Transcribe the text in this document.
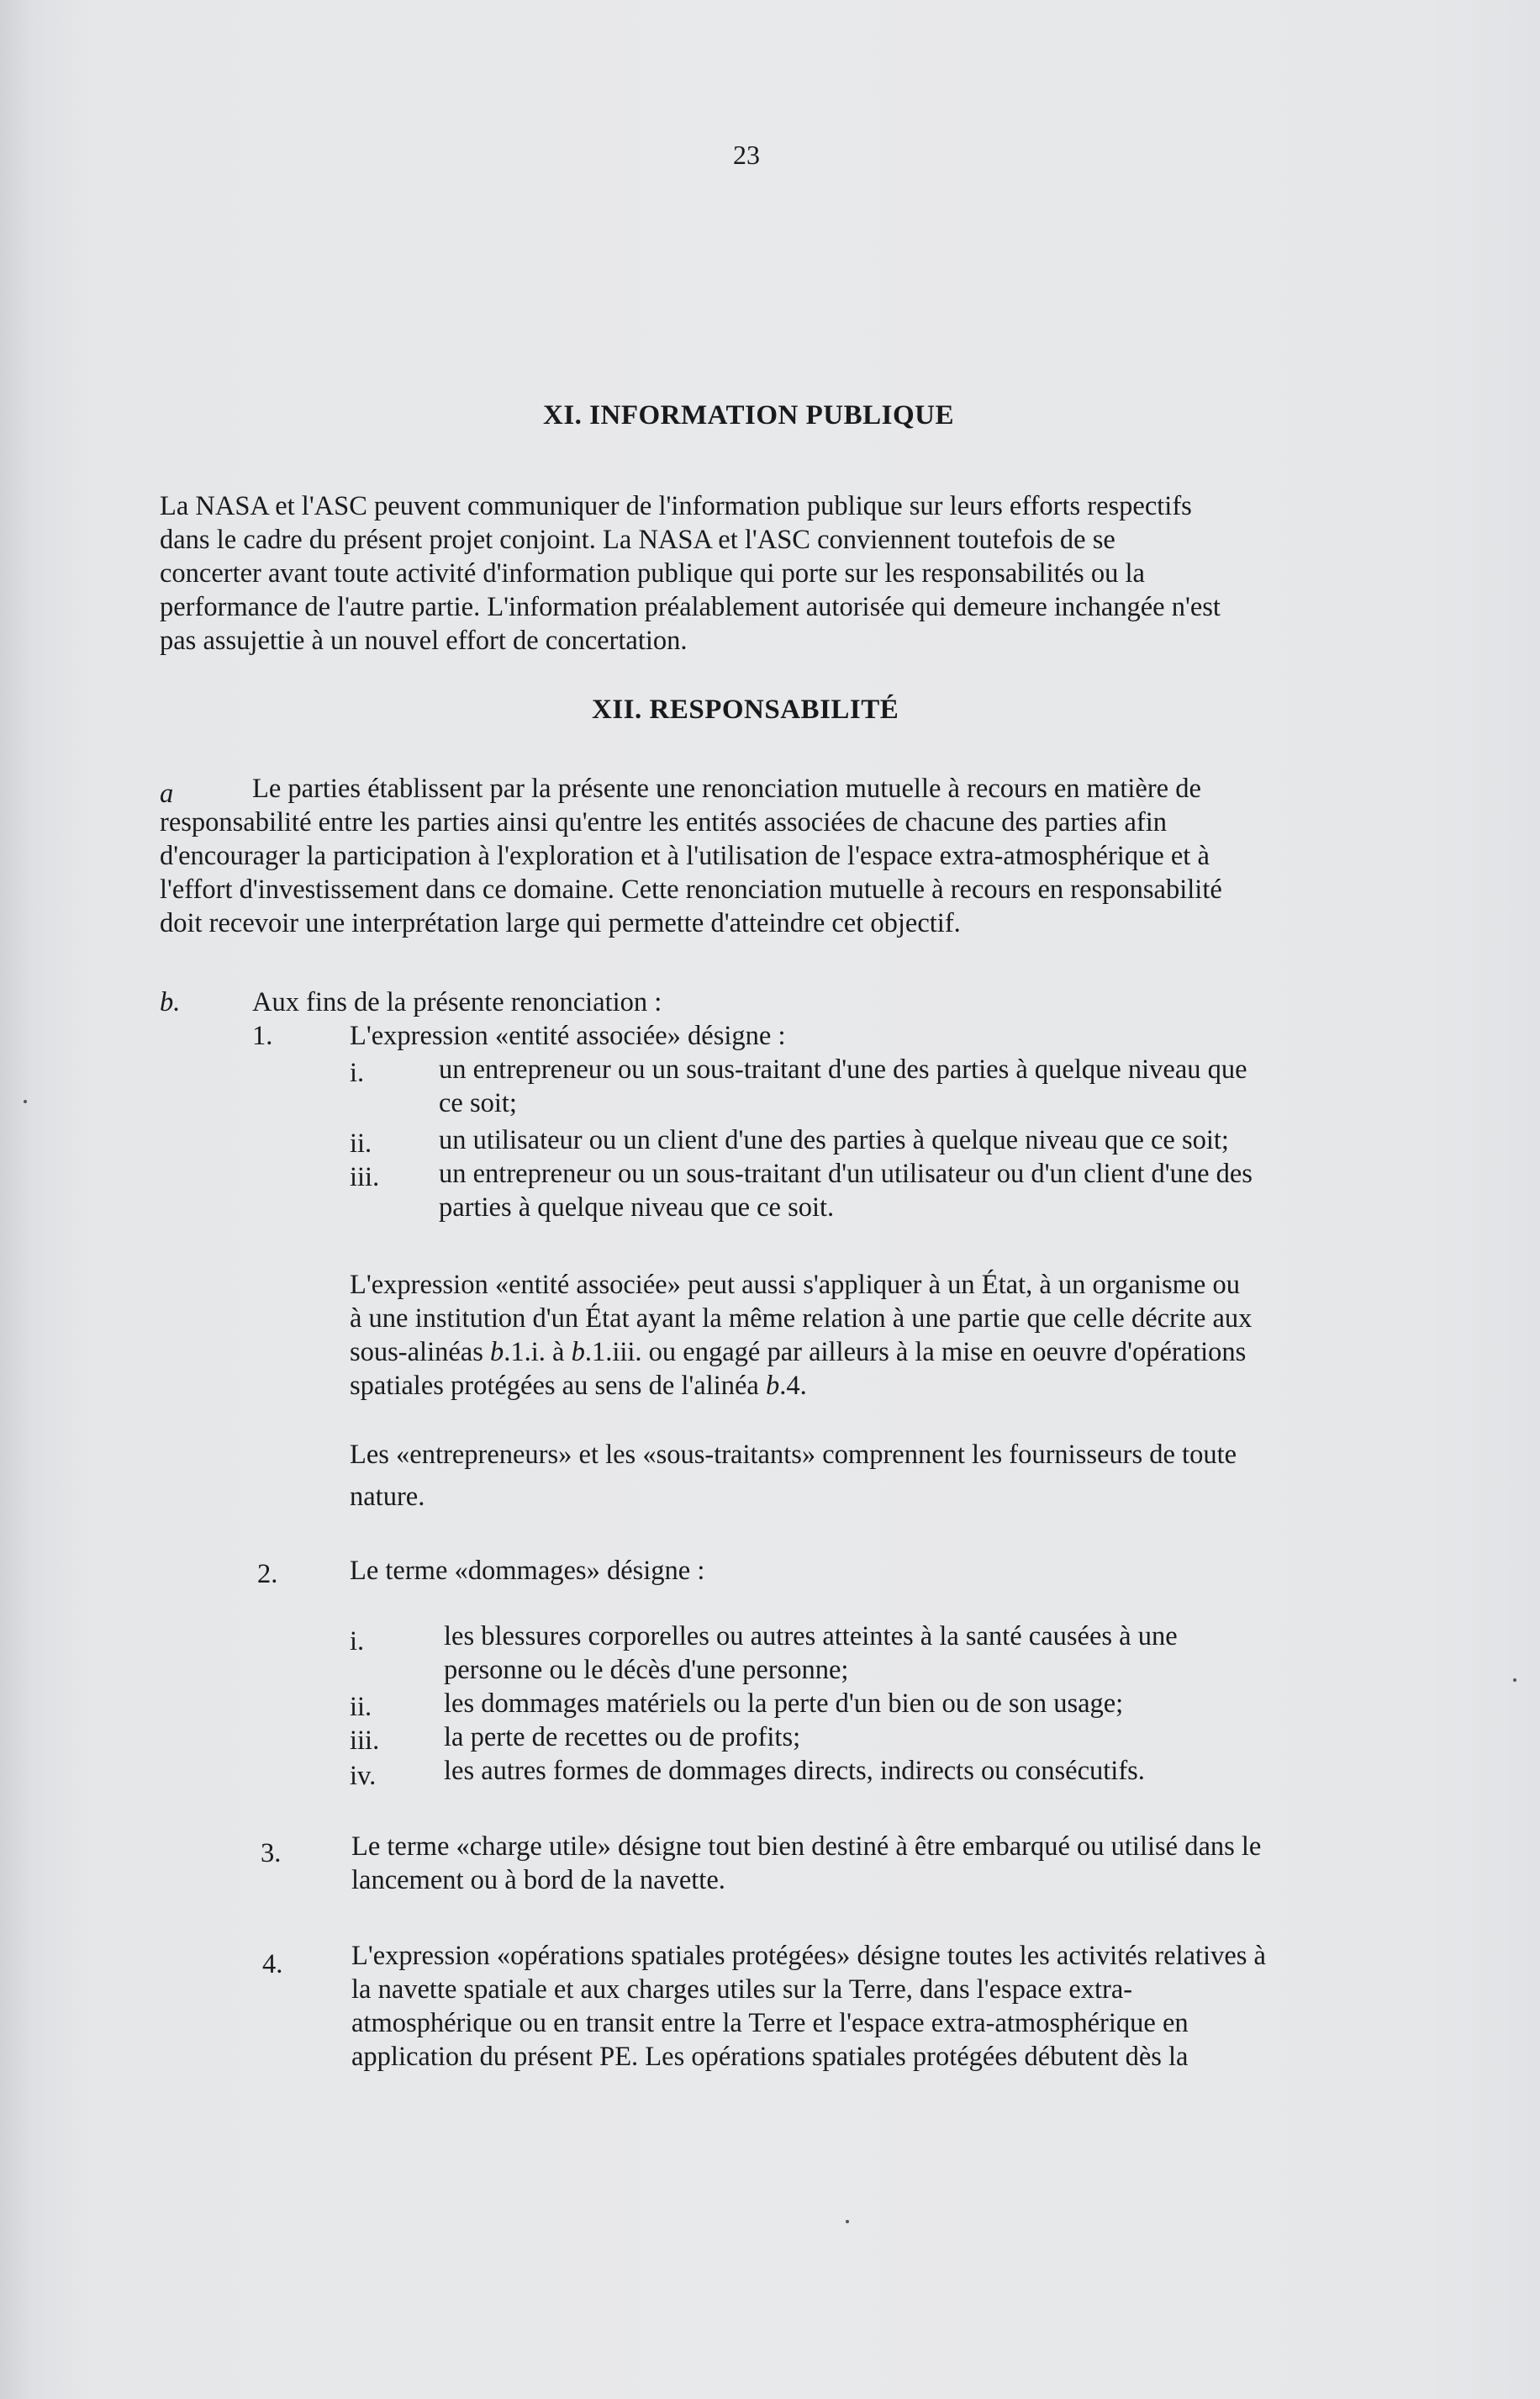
23
XI. INFORMATION PUBLIQUE
La NASA et l'ASC peuvent communiquer de l'information publique sur leurs efforts respectifs
dans le cadre du présent projet conjoint. La NASA et l'ASC conviennent toutefois de se
concerter avant toute activité d'information publique qui porte sur les responsabilités ou la
performance de l'autre partie. L'information préalablement autorisée qui demeure inchangée n'est
pas assujettie à un nouvel effort de concertation.
XII. RESPONSABILITÉ
a	Le parties établissent par la présente une renonciation mutuelle à recours en matière de
responsabilité entre les parties ainsi qu'entre les entités associées de chacune des parties afin
d'encourager la participation à l'exploration et à l'utilisation de l'espace extra-atmosphérique et à
l'effort d'investissement dans ce domaine. Cette renonciation mutuelle à recours en responsabilité
doit recevoir une interprétation large qui permette d'atteindre cet objectif.
b.	Aux fins de la présente renonciation :
1.	L'expression «entité associée» désigne :
i.	un entrepreneur ou un sous-traitant d'une des parties à quelque niveau que
ce soit;
ii. un utilisateur ou un client d'une des parties à quelque niveau que ce soit;
iii. un entrepreneur ou un sous-traitant d'un utilisateur ou d'un client d'une des
parties à quelque niveau que ce soit.
L'expression «entité associée» peut aussi s'appliquer à un État, à un organisme ou
à une institution d'un État ayant la même relation à une partie que celle décrite aux
sous-alinéas b.1.i. à b.1.iii. ou engagé par ailleurs à la mise en oeuvre d'opérations
spatiales protégées au sens de l'alinéa b.4.
Les «entrepreneurs» et les «sous-traitants» comprennent les fournisseurs de toute
nature.
2.	Le terme «dommages» désigne :
i.	les blessures corporelles ou autres atteintes à la santé causées à une
personne ou le décès d'une personne;
ii.	les dommages matériels ou la perte d'un bien ou de son usage;
iii. la perte de recettes ou de profits;
iv. les autres formes de dommages directs, indirects ou consécutifs.
3.	Le terme «charge utile» désigne tout bien destiné à être embarqué ou utilisé dans le
lancement ou à bord de la navette.
4.	L'expression «opérations spatiales protégées» désigne toutes les activités relatives à
la navette spatiale et aux charges utiles sur la Terre, dans l'espace extra-
atmosphérique ou en transit entre la Terre et l'espace extra-atmosphérique en
application du présent PE. Les opérations spatiales protégées débutent dès la
